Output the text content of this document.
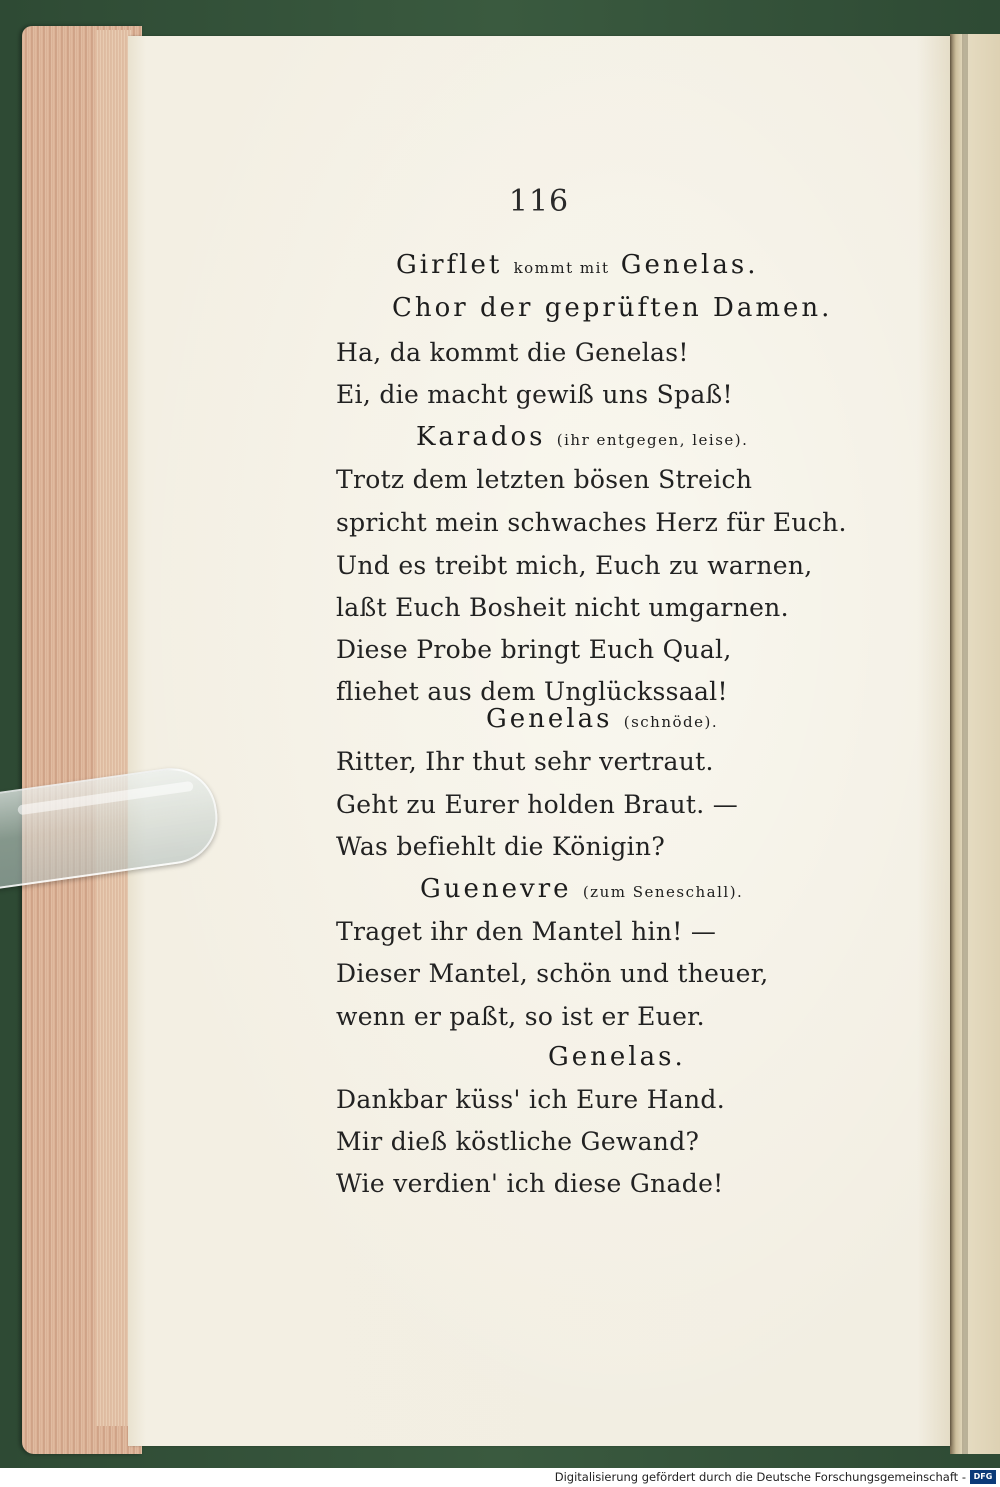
116
Girflet kommt mit Genelas.
Chor der geprüften Damen.
Ha, da kommt die Genelas!
Ei, die macht gewiß uns Spaß!
Karados (ihr entgegen, leise).
Trotz dem letzten bösen Streich
spricht mein schwaches Herz für Euch.
Und es treibt mich, Euch zu warnen,
laßt Euch Bosheit nicht umgarnen.
Diese Probe bringt Euch Qual,
fliehet aus dem Unglückssaal!
Genelas (schnöde).
Ritter, Ihr thut sehr vertraut.
Geht zu Eurer holden Braut. —
Was befiehlt die Königin?
Guenevre (zum Seneschall).
Traget ihr den Mantel hin! —
Dieser Mantel, schön und theuer,
wenn er paßt, so ist er Euer.
Genelas.
Dankbar küss' ich Eure Hand.
Mir dieß köstliche Gewand?
Wie verdien' ich diese Gnade!
Digitalisierung gefördert durch die Deutsche Forschungsgemeinschaft - DFG
